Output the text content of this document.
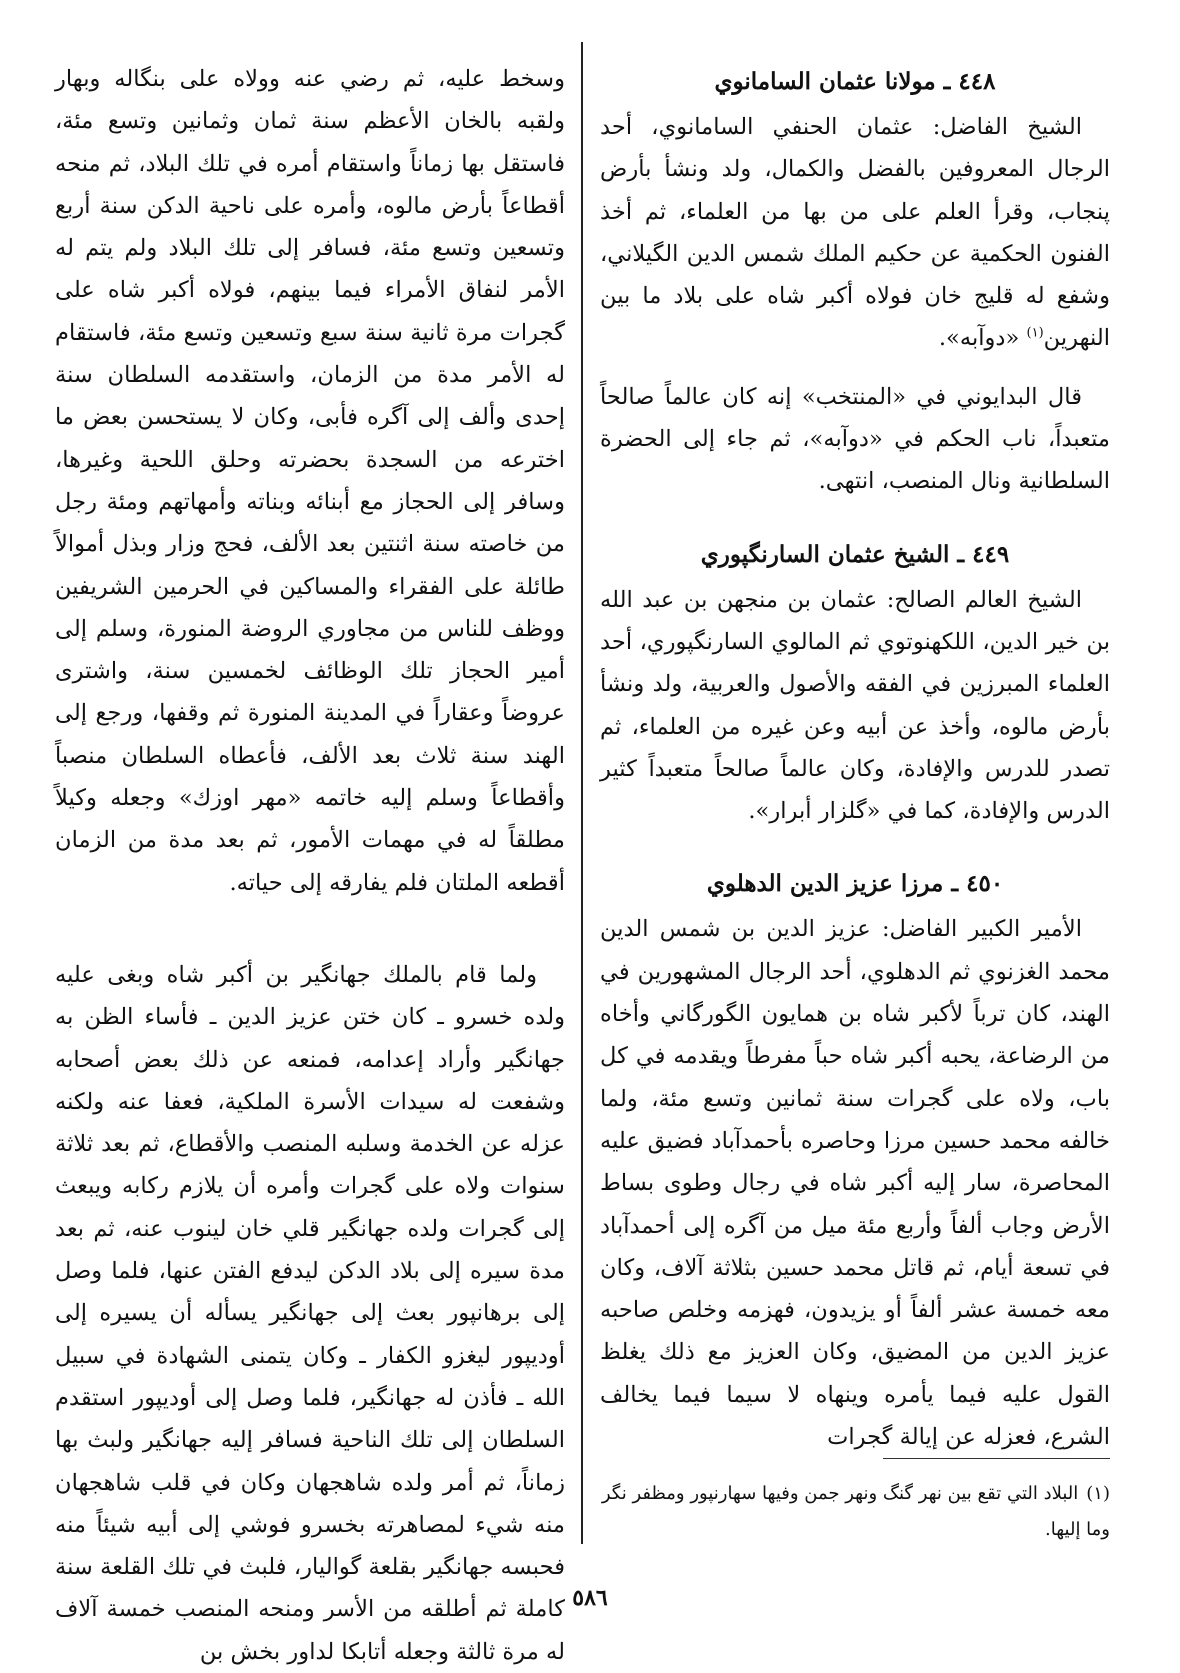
٤٤٨ ـ مولانا عثمان السامانوي

الشيخ الفاضل: عثمان الحنفي السامانوي، أحد الرجال المعروفين بالفضل والكمال، ولد ونشأ بأرض پنجاب، وقرأ العلم على من بها من العلماء، ثم أخذ الفنون الحكمية عن حكيم الملك شمس الدين الگيلاني، وشفع له قليج خان فولاه أكبر شاه على بلاد ما بين النهرين$^{(١)}$ «دوآبه».

قال البدايوني في «المنتخب» إنه كان عالماً صالحاً متعبداً، ناب الحكم في «دوآبه»، ثم جاء إلى الحضرة السلطانية ونال المنصب، انتهى.

٤٤٩ ـ الشيخ عثمان السارنگپوري

الشيخ العالم الصالح: عثمان بن منجهن بن عبد الله بن خير الدين، اللكهنوتوي ثم المالوي السارنگپوري، أحد العلماء المبرزين في الفقه والأصول والعربية، ولد ونشأ بأرض مالوه، وأخذ عن أبيه وعن غيره من العلماء، ثم تصدر للدرس والإفادة، وكان عالماً صالحاً متعبداً كثير الدرس والإفادة، كما في «گلزار أبرار».

٤٥٠ ـ مرزا عزيز الدين الدهلوي

الأمير الكبير الفاضل: عزيز الدين بن شمس الدين محمد الغزنوي ثم الدهلوي، أحد الرجال المشهورين في الهند، كان ترباً لأكبر شاه بن همايون الگورگاني وأخاه من الرضاعة، يحبه أكبر شاه حباً مفرطاً ويقدمه في كل باب، ولاه على گجرات سنة ثمانين وتسع مئة، ولما خالفه محمد حسين مرزا وحاصره بأحمدآباد فضيق عليه المحاصرة، سار إليه أكبر شاه في رجال وطوى بساط الأرض وجاب ألفاً وأربع مئة ميل من آگره إلى أحمدآباد في تسعة أيام، ثم قاتل محمد حسين بثلاثة آلاف، وكان معه خمسة عشر ألفاً أو يزيدون، فهزمه وخلص صاحبه عزيز الدين من المضيق، وكان العزيز مع ذلك يغلظ القول عليه فيما يأمره وينهاه لا سيما فيما يخالف الشرع، فعزله عن إيالة گجرات

وسخط عليه، ثم رضي عنه وولاه على بنگاله وبهار ولقبه بالخان الأعظم سنة ثمان وثمانين وتسع مئة، فاستقل بها زماناً واستقام أمره في تلك البلاد، ثم منحه أقطاعاً بأرض مالوه، وأمره على ناحية الدكن سنة أربع وتسعين وتسع مئة، فسافر إلى تلك البلاد ولم يتم له الأمر لنفاق الأمراء فيما بينهم، فولاه أكبر شاه على گجرات مرة ثانية سنة سبع وتسعين وتسع مئة، فاستقام له الأمر مدة من الزمان، واستقدمه السلطان سنة إحدى وألف إلى آگره فأبى، وكان لا يستحسن بعض ما اخترعه من السجدة بحضرته وحلق اللحية وغيرها، وسافر إلى الحجاز مع أبنائه وبناته وأمهاتهم ومئة رجل من خاصته سنة اثنتين بعد الألف، فحج وزار وبذل أموالاً طائلة على الفقراء والمساكين في الحرمين الشريفين ووظف للناس من مجاوري الروضة المنورة، وسلم إلى أمير الحجاز تلك الوظائف لخمسين سنة، واشترى عروضاً وعقاراً في المدينة المنورة ثم وقفها، ورجع إلى الهند سنة ثلاث بعد الألف، فأعطاه السلطان منصباً وأقطاعاً وسلم إليه خاتمه «مهر اوزك» وجعله وكيلاً مطلقاً له في مهمات الأمور، ثم بعد مدة من الزمان أقطعه الملتان فلم يفارقه إلى حياته.

ولما قام بالملك جهانگير بن أكبر شاه وبغى عليه ولده خسرو ـ كان ختن عزيز الدين ـ فأساء الظن به جهانگير وأراد إعدامه، فمنعه عن ذلك بعض أصحابه وشفعت له سيدات الأسرة الملكية، فعفا عنه ولكنه عزله عن الخدمة وسلبه المنصب والأقطاع، ثم بعد ثلاثة سنوات ولاه على گجرات وأمره أن يلازم ركابه ويبعث إلى گجرات ولده جهانگير قلي خان لينوب عنه، ثم بعد مدة سيره إلى بلاد الدكن ليدفع الفتن عنها، فلما وصل إلى برهانپور بعث إلى جهانگير يسأله أن يسيره إلى أوديپور ليغزو الكفار ـ وكان يتمنى الشهادة في سبيل الله ـ فأذن له جهانگير، فلما وصل إلى أوديپور استقدم السلطان إلى تلك الناحية فسافر إليه جهانگير ولبث بها زماناً، ثم أمر ولده شاهجهان وكان في قلب شاهجهان منه شيء لمصاهرته بخسرو فوشي إلى أبيه شيئاً منه فحبسه جهانگير بقلعة گواليار، فلبث في تلك القلعة سنة كاملة ثم أطلقه من الأسر ومنحه المنصب خمسة آلاف له مرة ثالثة وجعله أتابكا لداور بخش بن

(١)البلاد التي تقع بين نهر گنگ ونهر جمن وفيها سهارنپور ومظفر نگر وما إليها.
٥٨٦
